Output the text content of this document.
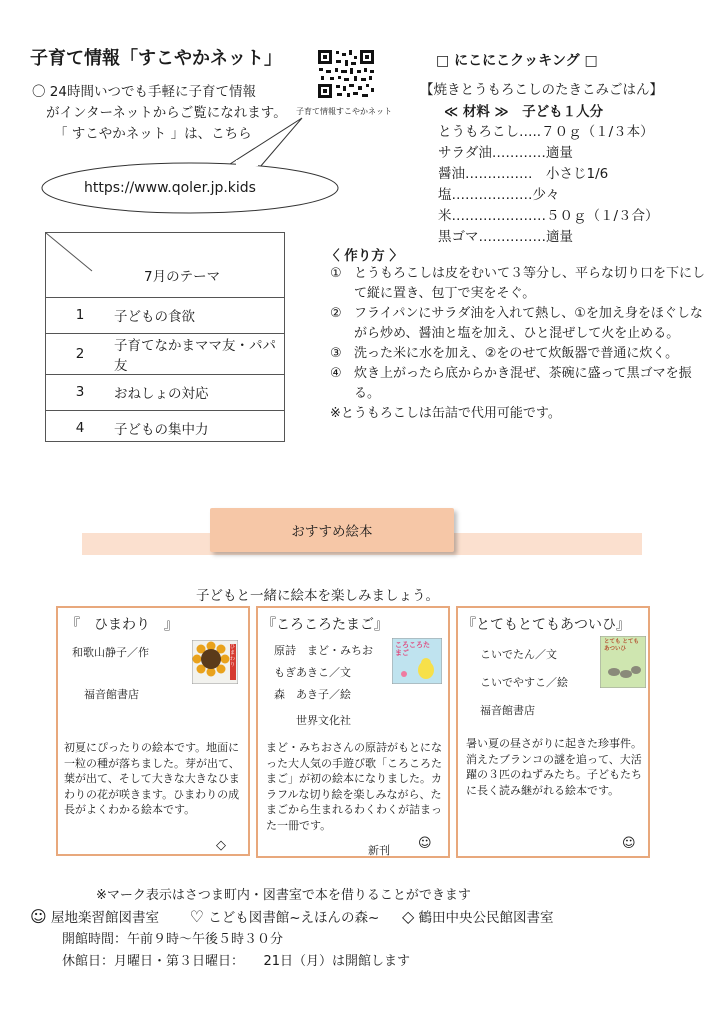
子育て情報「すこやかネット」
子育て情報すこやかネット
〇 24時間いつでも手軽に子育て情報
がインターネットからご覧になれます。
「 すこやかネット 」は、こちら
https://www.qoler.jp.kids
	7月のテーマ
1	子どもの食欲
2	子育てなかまママ友・パパ友
3	おねしょの対応
4	子どもの集中力
□ にこにこクッキング □
【焼きとうもろこしのたきこみごはん】
≪ 材料 ≫　子ども１人分
とうもろこし…..７０ｇ（１/３本）
サラダ油…………適量
醤油……………　小さじ1/6
塩………………少々
米…………………５０ｇ（１/３合）
黒ゴマ……………適量
〈 作り方 〉
① とうもろこしは皮をむいて３等分し、平らな切り口を下にして縦に置き、包丁で実をそぐ。
② フライパンにサラダ油を入れて熱し、①を加え身をほぐしながら炒め、醤油と塩を加え、ひと混ぜして火を止める。
③ 洗った米に水を加え、②をのせて炊飯器で普通に炊く。
④ 炊き上がったら底からかき混ぜ、茶碗に盛って黒ゴマを振る。
※とうもろこしは缶詰で代用可能です。
おすすめ絵本
子どもと一緒に絵本を楽しみましょう。
『　ひまわり　』
和歌山静子／作
福音館書店
ひまわり
初夏にぴったりの絵本です。地面に一粒の種が落ちました。芽が出て、葉が出て、そして大きな大きなひまわりの花が咲きます。ひまわりの成長がよくわかる絵本です。
◇
『ころころたまご』
原詩　まど・みちお
もぎあきこ／文
森　あき子／絵
世界文化社
ころころたまご
まど・みちおさんの原詩がもとになった大人気の手遊び歌「ころころたまご」が初の絵本になりました。カラフルな切り絵を楽しみながら、たまごから生まれるわくわくが詰まった一冊です。
新刊 ☺
『とてもとてもあついひ』
こいでたん／文
こいでやすこ／絵
福音館書店
とても とてもあついひ
暑い夏の昼さがりに起きた珍事件。消えたブランコの謎を追って、大活躍の３匹のねずみたち。子どもたちに長く読み継がれる絵本です。
☺
※マーク表示はさつま町内・図書室で本を借りることができます
☺ 屋地楽習館図書室 ♡ こども図書館~えほんの森~ ◇ 鶴田中央公民館図書室
開館時間：午前９時～午後５時３０分
休館日：月曜日・第３日曜日：　　21日（月）は開館します
